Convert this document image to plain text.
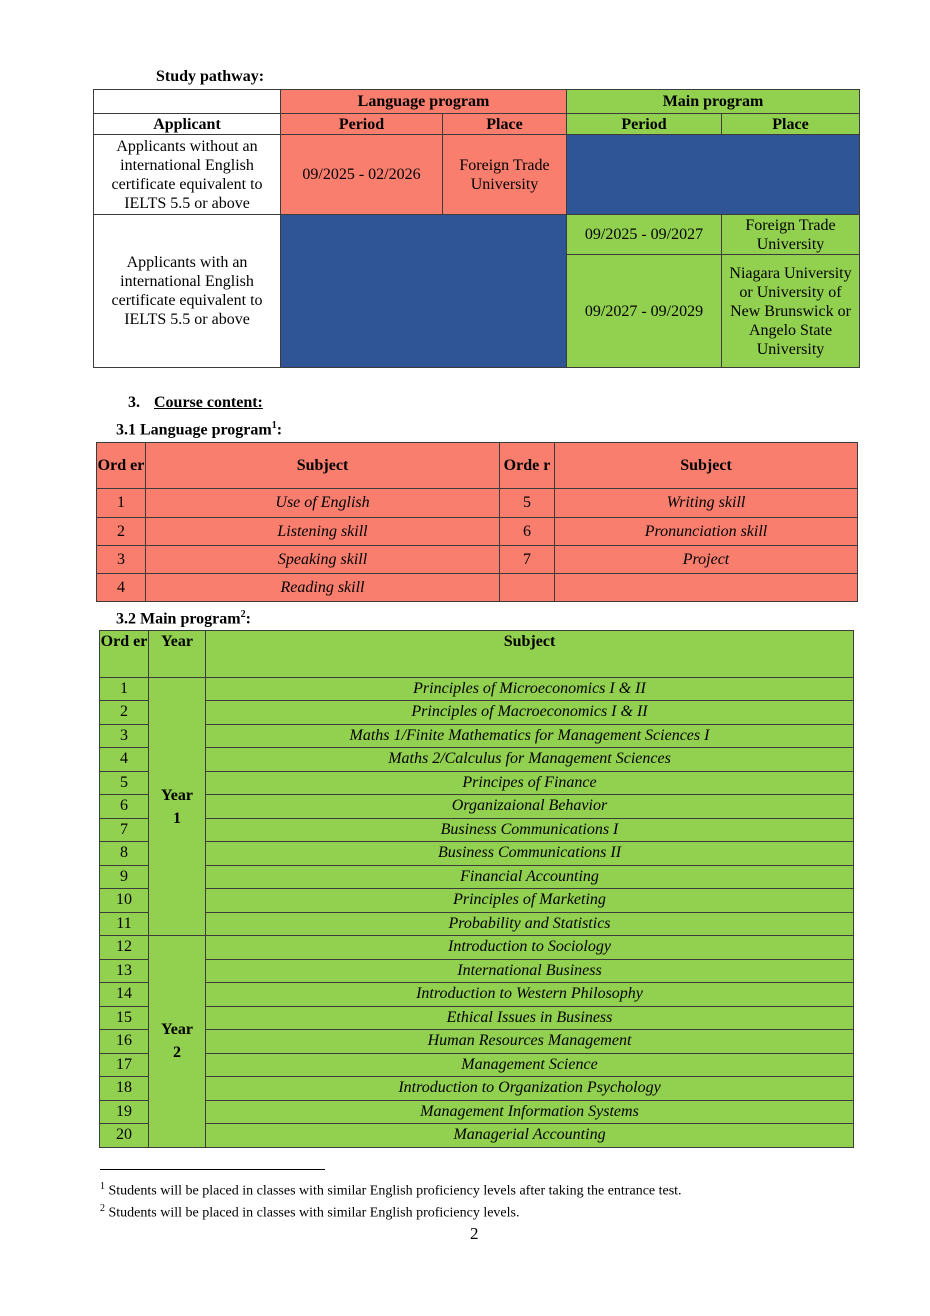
Study pathway:
	Language program		Main program	
Applicant	Period	Place	Period	Place
Applicants without an international English certificate equivalent to IELTS 5.5 or above	09/2025 - 02/2026	Foreign Trade University		
Applicants with an international English certificate equivalent to IELTS 5.5 or above			09/2025 - 09/2027	Foreign Trade University
			09/2027 - 09/2029	Niagara University or University of New Brunswick or Angelo State University
3. Course content:
3.1 Language program$^1$:
Ord er	Subject	Orde r	Subject
1	Use of English	5	Writing skill
2	Listening skill	6	Pronunciation skill
3	Speaking skill	7	Project
4	Reading skill		
3.2 Main program$^2$:
Ord er	Year	Subject
1	Year 1	Principles of Microeconomics I & II
2		Principles of Macroeconomics I & II
3		Maths 1/Finite Mathematics for Management Sciences I
4		Maths 2/Calculus for Management Sciences
5		Principes of Finance
6		Organizaional Behavior
7		Business Communications I
8		Business Communications II
9		Financial Accounting
10		Principles of Marketing
11		Probability and Statistics
12	Year 2	Introduction to Sociology
13		International Business
14		Introduction to Western Philosophy
15		Ethical Issues in Business
16		Human Resources Management
17		Management Science
18		Introduction to Organization Psychology
19		Management Information Systems
20		Managerial Accounting
$^1$ Students will be placed in classes with similar English proficiency levels after taking the entrance test.
$^2$ Students will be placed in classes with similar English proficiency levels.
2
